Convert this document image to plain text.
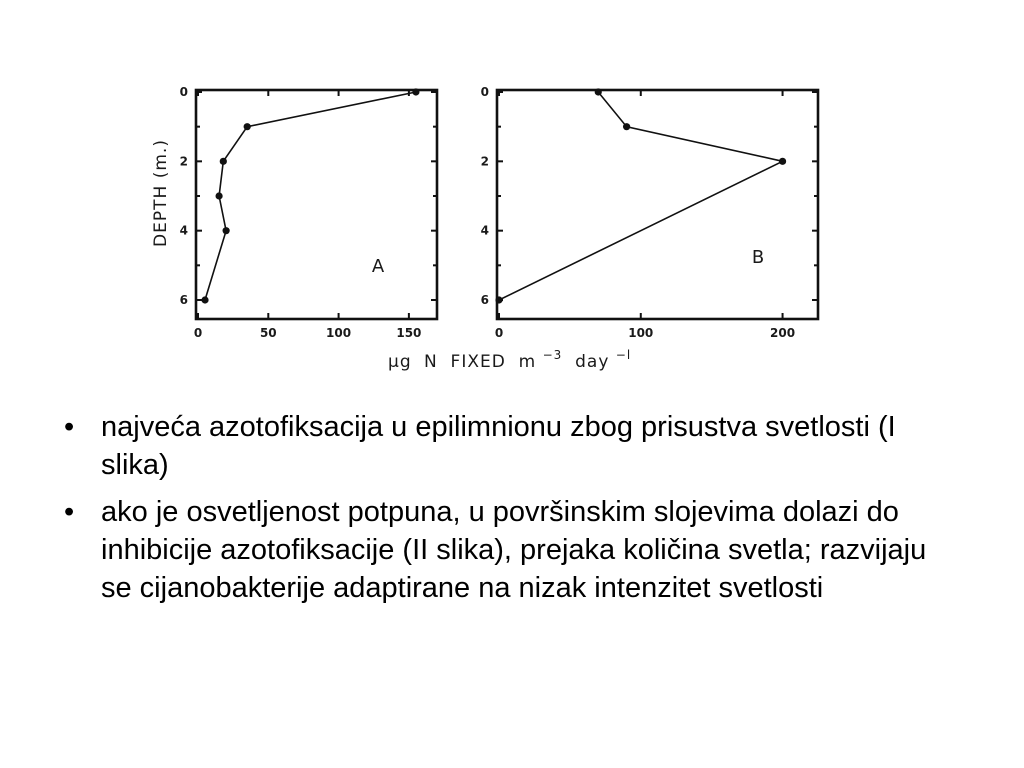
0
2
4
6
0	50	100	150
A
0
2
4
6
0	100	200
B
DEPTH (m.)
μg N  FIXED  m $^{-3}$  day $^{-l}$
• najveća azotofiksacija u epilimnionu zbog prisustva svetlosti (I slika)
• ako je osvetljenost potpuna, u površinskim slojevima dolazi do inhibicije azotofiksacije (II slika), prejaka količina svetla; razvijaju se cijanobakterije adaptirane na nizak intenzitet svetlosti
